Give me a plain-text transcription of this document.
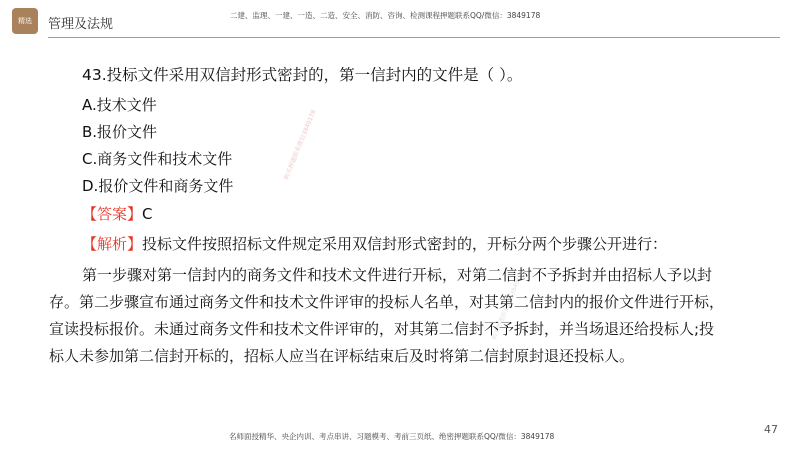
精选 管理及法规
二建、监理、一建、一造、二造、安全、消防、咨询、检测课程押题联系QQ/微信：3849178
43.投标文件采用双信封形式密封的，第一信封内的文件是（ ）。
A.技术文件
B.报价文件
C.商务文件和技术文件
D.报价文件和商务文件
【答案】C
【解析】投标文件按照招标文件规定采用双信封形式密封的，开标分两个步骤公开进行：
第一步骤对第一信封内的商务文件和技术文件进行开标，对第二信封不予拆封并由招标人予以封
存。第二步骤宣布通过商务文件和技术文件评审的投标人名单，对其第二信封内的报价文件进行开标，
宣读投标报价。未通过商务文件和技术文件评审的，对其第二信封不予拆封，并当场退还给投标人;投
标人未参加第二信封开标的，招标人应当在评标结束后及时将第二信封原封退还投标人。
购买押题联系微信3849178
购买押题联系微信3849178
名师面授精华、央企内训、考点串讲、习题模考、考前三页纸、绝密押题联系QQ/微信：3849178
47
